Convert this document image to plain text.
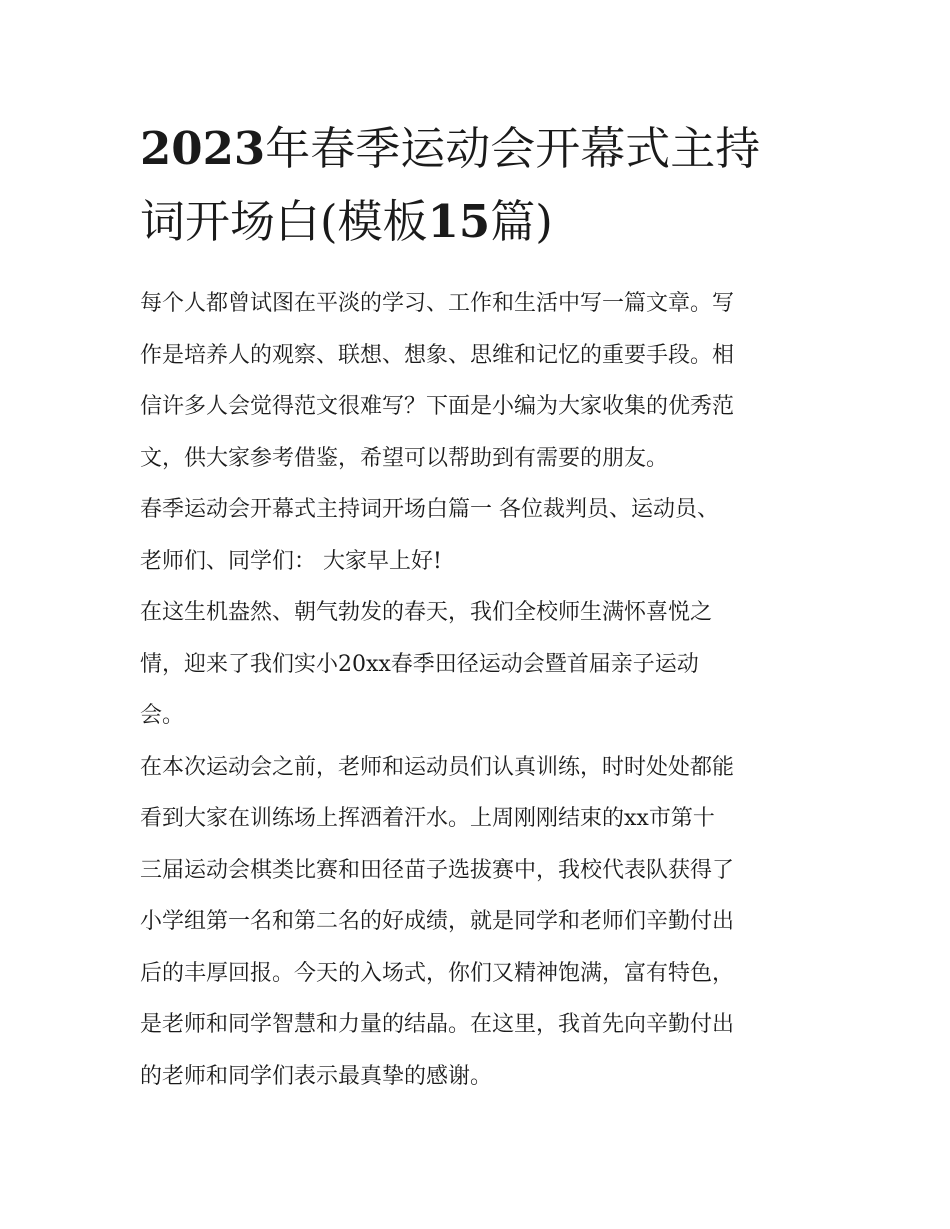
2023年春季运动会开幕式主持
词开场白(模板15篇)

每个人都曾试图在平淡的学习、工作和生活中写一篇文章。写
作是培养人的观察、联想、想象、思维和记忆的重要手段。相
信许多人会觉得范文很难写？下面是小编为大家收集的优秀范
文，供大家参考借鉴，希望可以帮助到有需要的朋友。

春季运动会开幕式主持词开场白篇一 各位裁判员、运动员、
老师们、同学们： 大家早上好!

在这生机盎然、朝气勃发的春天，我们全校师生满怀喜悦之
情，迎来了我们实小20xx春季田径运动会暨首届亲子运动
会。

在本次运动会之前，老师和运动员们认真训练，时时处处都能
看到大家在训练场上挥洒着汗水。上周刚刚结束的xx市第十
三届运动会棋类比赛和田径苗子选拔赛中，我校代表队获得了
小学组第一名和第二名的好成绩，就是同学和老师们辛勤付出
后的丰厚回报。今天的入场式，你们又精神饱满，富有特色，
是老师和同学智慧和力量的结晶。在这里，我首先向辛勤付出
的老师和同学们表示最真挚的感谢。
